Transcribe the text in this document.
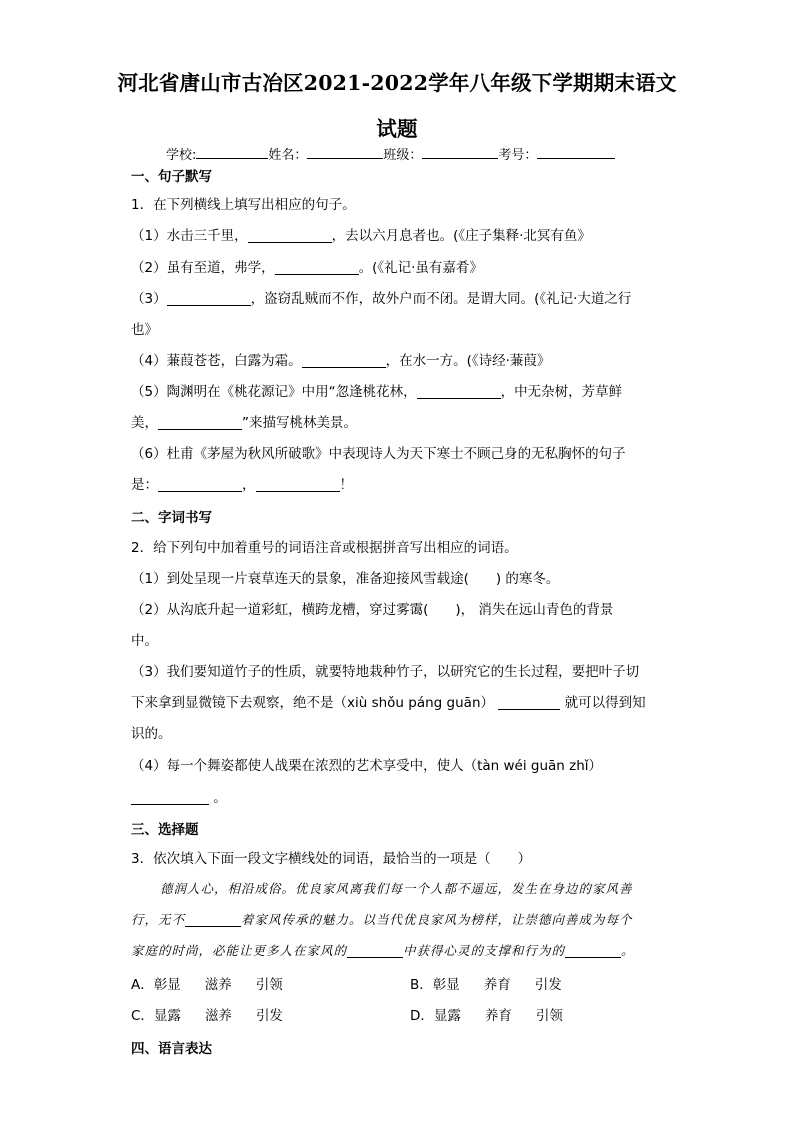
河北省唐山市古冶区2021-2022学年八年级下学期期末语文
试题
学校:	姓名：	班级：	考号：
一、句子默写
1．在下列横线上填写出相应的句子。
（1）水击三千里，	，去以六月息者也。(《庄子集释·北冥有鱼》
（2）虽有至道，弗学，	。(《礼记·虽有嘉肴》
（3）	，盗窃乱贼而不作，故外户而不闭。是谓大同。(《礼记·大道之行
也》
（4）蒹葭苍苍，白露为霜。	，在水一方。(《诗经·蒹葭》
（5）陶渊明在《桃花源记》中用“忽逢桃花林，	，中无杂树，芳草鲜
美，	”来描写桃林美景。
（6）杜甫《茅屋为秋风所破歌》中表现诗人为天下寒士不顾己身的无私胸怀的句子
是：	，	！
二、字词书写
2．给下列句中加着重号的词语注音或根据拼音写出相应的词语。
（1）到处呈现一片衰草连天的景象，准备迎接风雪载途(　　) 的寒冬。
（2）从沟底升起一道彩虹，横跨龙槽，穿过雾霭(　　)， 消失在远山青色的背景
中。
（3）我们要知道竹子的性质，就要特地栽种竹子，以研究它的生长过程，要把叶子切
下来拿到显微镜下去观察，绝不是（xiù shǒu páng guān）	就可以得到知
识的。
（4）每一个舞姿都使人战栗在浓烈的艺术享受中，使人（tàn wéi guān zhǐ）
。
三、选择题
3．依次填入下面一段文字横线处的词语，最恰当的一项是（　　）
德润人心，相沿成俗。优良家风离我们每一个人都不遥远，发生在身边的家风善
行，无不	着家风传承的魅力。以当代优良家风为榜样，让崇德向善成为每个
家庭的时尚，必能让更多人在家风的	中获得心灵的支撑和行为的	。
A．彰显 滋养 引领	B．彰显 养育 引发
C．显露 滋养 引发	D．显露 养育 引领
四、语言表达
